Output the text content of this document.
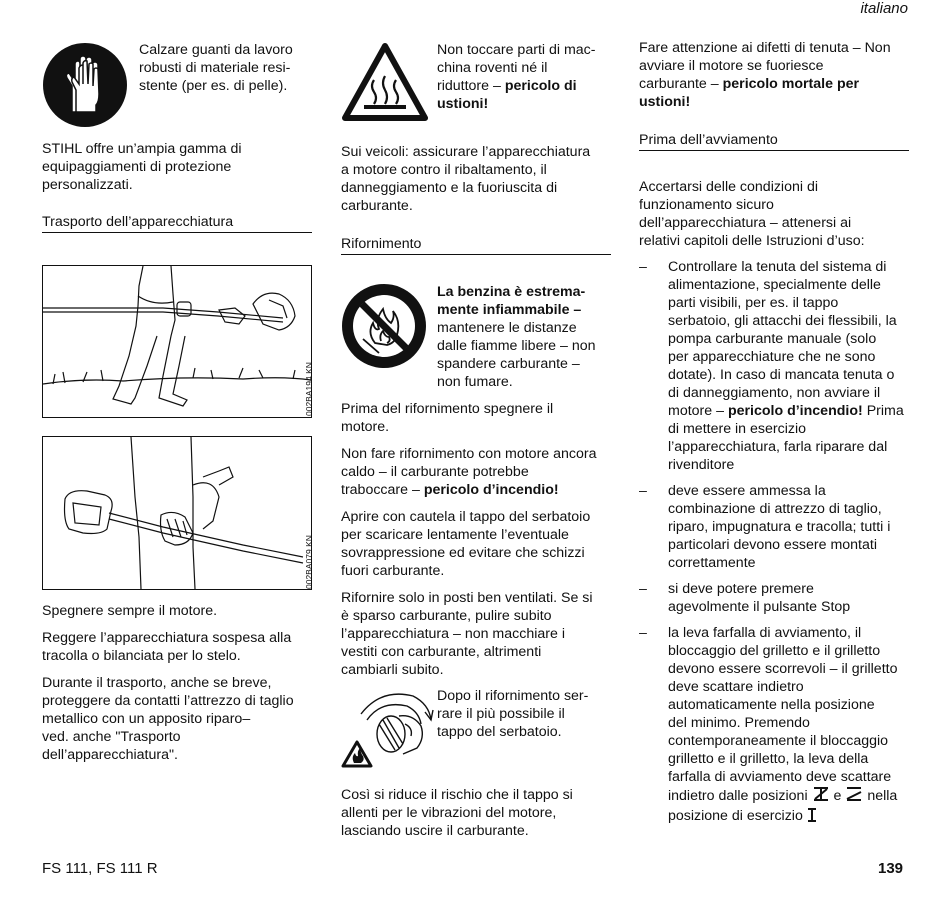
italiano
FS 111, FS 111 R	139

Calzare guanti da lavoro

robusti di materiale resi-

stente (per es. di pelle).

STIHL offre un’ampia gamma di

equipaggiamenti di protezione

personalizzati.

Trasporto dell’apparecchiatura
002BA194 KN
002BA079 KN

Spegnere sempre il motore.

Reggere l’apparecchiatura sospesa alla

tracolla o bilanciata per lo stelo.

Durante il trasporto, anche se breve,

proteggere da contatti l’attrezzo di taglio

metallico con un apposito riparo–

ved. anche "Trasporto

dell’apparecchiatura".

Non toccare parti di mac-

china roventi né il

riduttore – pericolo di

ustioni!

Sui veicoli: assicurare l’apparecchiatura

a motore contro il ribaltamento, il

danneggiamento e la fuoriuscita di

carburante.

Rifornimento

La benzina è estrema-

mente infiammabile –

mantenere le distanze

dalle fiamme libere – non

spandere carburante –

non fumare.

Prima del rifornimento spegnere il

motore.

Non fare rifornimento con motore ancora

caldo – il carburante potrebbe

traboccare – pericolo d’incendio!

Aprire con cautela il tappo del serbatoio

per scaricare lentamente l’eventuale

sovrappressione ed evitare che schizzi

fuori carburante.

Rifornire solo in posti ben ventilati. Se si

è sparso carburante, pulire subito

l’apparecchiatura – non macchiare i

vestiti con carburante, altrimenti

cambiarli subito.

Dopo il rifornimento ser-

rare il più possibile il

tappo del serbatoio.

Così si riduce il rischio che il tappo si

allenti per le vibrazioni del motore,

lasciando uscire il carburante.

Fare attenzione ai difetti di tenuta – Non

avviare il motore se fuoriesce

carburante – pericolo mortale per

ustioni!

Prima dell’avviamento

Accertarsi delle condizioni di

funzionamento sicuro

dell’apparecchiatura – attenersi ai

relativi capitoli delle Istruzioni d’uso:

– Controllare la tenuta del sistema di

alimentazione, specialmente delle

parti visibili, per es. il tappo

serbatoio, gli attacchi dei flessibili, la

pompa carburante manuale (solo

per apparecchiature che ne sono

dotate). In caso di mancata tenuta o

di danneggiamento, non avviare il

motore – pericolo d’incendio! Prima

di mettere in esercizio

l’apparecchiatura, farla riparare dal

rivenditore

– deve essere ammessa la

combinazione di attrezzo di taglio,

riparo, impugnatura e tracolla; tutti i

particolari devono essere montati

correttamente

– si deve potere premere

agevolmente il pulsante Stop

– la leva farfalla di avviamento, il

bloccaggio del grilletto e il grilletto

devono essere scorrevoli – il grilletto

deve scattare indietro

automaticamente nella posizione

del minimo. Premendo

contemporaneamente il bloccaggio

grilletto e il grilletto, la leva della

farfalla di avviamento deve scattare

indietro dalle posizioni e nella

posizione di esercizio
